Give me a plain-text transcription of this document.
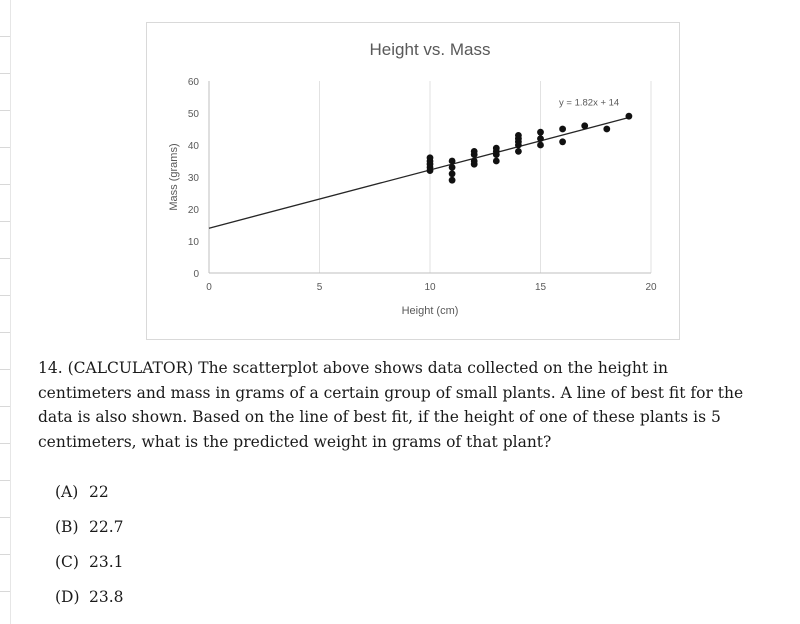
0
10
20
30
40
50
60
0	5	10	15	20
Height vs. Mass
Height (cm)
Mass (grams)
y = 1.82x + 14
14. (CALCULATOR) The scatterplot above shows data collected on the height in centimeters and mass in grams of a certain group of small plants. A line of best fit for the data is also shown. Based on the line of best fit, if the height of one of these plants is 5 centimeters, what is the predicted weight in grams of that plant?
(A) 22
(B) 22.7
(C) 23.1
(D) 23.8
